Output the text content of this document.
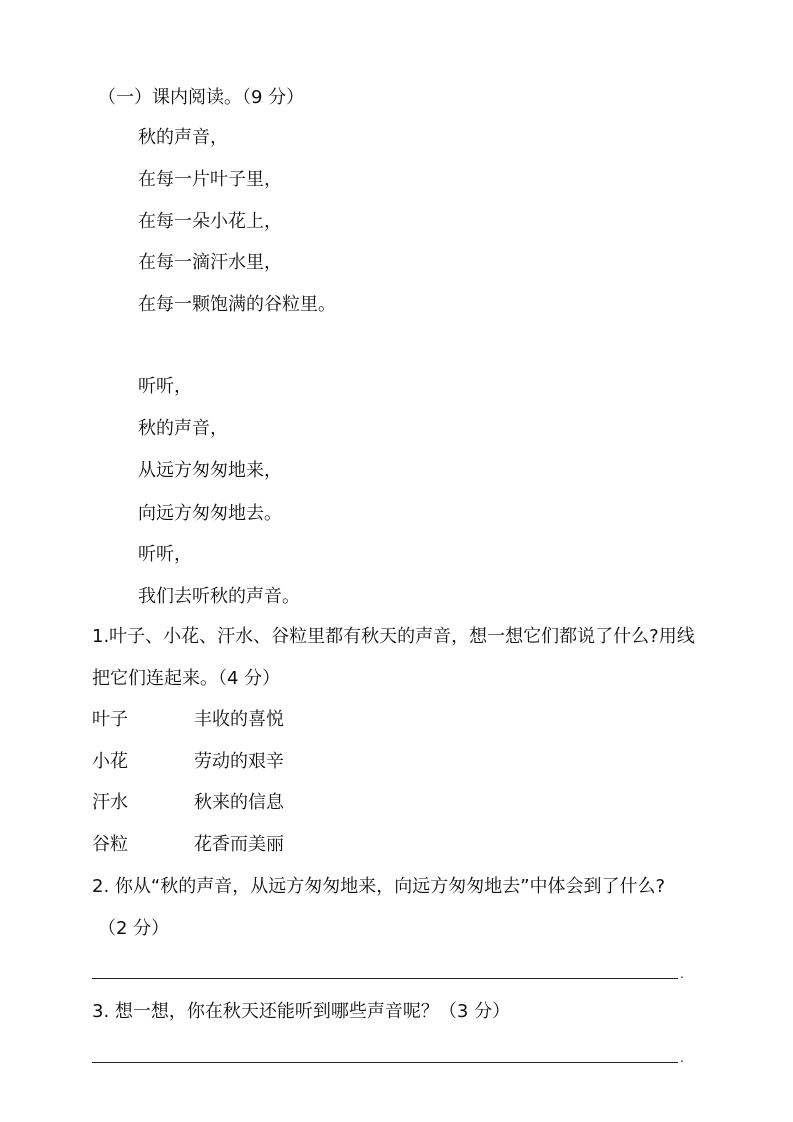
（一）课内阅读。（9 分）
秋的声音，
在每一片叶子里，
在每一朵小花上，
在每一滴汗水里，
在每一颗饱满的谷粒里。
听听，
秋的声音，
从远方匆匆地来，
向远方匆匆地去。
听听，
我们去听秋的声音。
1.叶子、小花、汗水、谷粒里都有秋天的声音，想一想它们都说了什么?用线
把它们连起来。（4 分）
叶子	丰收的喜悦
小花	劳动的艰辛
汗水	秋来的信息
谷粒	花香而美丽
2. 你从“秋的声音，从远方匆匆地来，向远方匆匆地去”中体会到了什么?
（2 分）
.
3. 想一想，你在秋天还能听到哪些声音呢？（3 分）
.
